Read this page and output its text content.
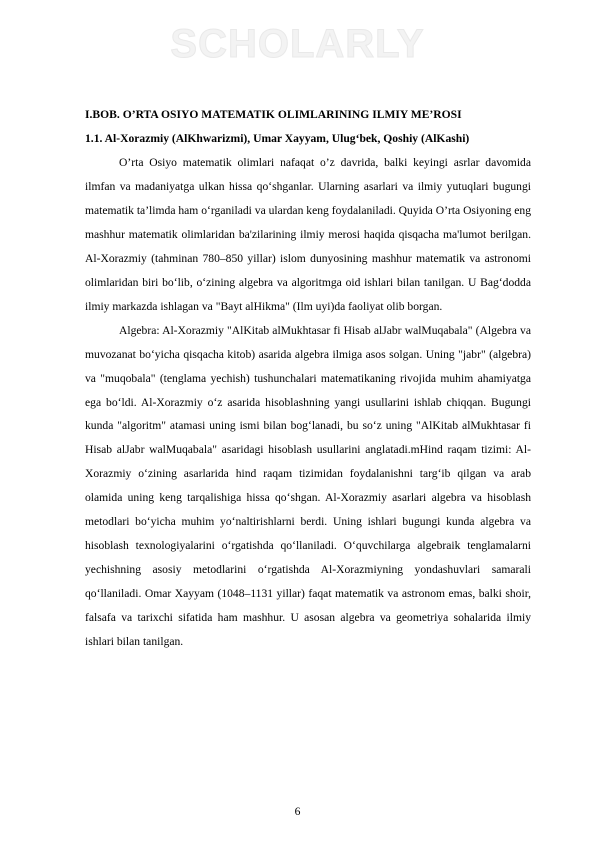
SCHOLARLY
I.BOB. O’RTA OSIYO MATEMATIK OLIMLARINING ILMIY ME’ROSI
1.1. Al-Xorazmiy (AlKhwarizmi), Umar Xayyam, Ulug‘bek, Qoshiy (AlKashi)

O’rta Osiyo matematik olimlari nafaqat o’z davrida, balki keyingi asrlar davomida ilmfan va madaniyatga ulkan hissa qo‘shganlar. Ularning asarlari va ilmiy yutuqlari bugungi matematik ta’limda ham o‘rganiladi va ulardan keng foydalaniladi. Quyida O’rta Osiyoning eng mashhur matematik olimlaridan ba'zilarining ilmiy merosi haqida qisqacha ma'lumot berilgan. Al-Xorazmiy (tahminan 780–850 yillar) islom dunyosining mashhur matematik va astronomi olimlaridan biri bo‘lib, o‘zining algebra va algoritmga oid ishlari bilan tanilgan. U Bag‘dodda ilmiy markazda ishlagan va "Bayt alHikma" (Ilm uyi)da faoliyat olib borgan.

Algebra: Al-Xorazmiy "AlKitab alMukhtasar fi Hisab alJabr walMuqabala" (Algebra va muvozanat bo‘yicha qisqacha kitob) asarida algebra ilmiga asos solgan. Uning "jabr" (algebra) va "muqobala" (tenglama yechish) tushunchalari matematikaning rivojida muhim ahamiyatga ega bo‘ldi. Al-Xorazmiy o‘z asarida hisoblashning yangi usullarini ishlab chiqqan. Bugungi kunda "algoritm" atamasi uning ismi bilan bog‘lanadi, bu so‘z uning "AlKitab alMukhtasar fi Hisab alJabr walMuqabala" asaridagi hisoblash usullarini anglatadi.mHind raqam tizimi: Al-Xorazmiy o‘zining asarlarida hind raqam tizimidan foydalanishni targ‘ib qilgan va arab olamida uning keng tarqalishiga hissa qo‘shgan. Al-Xorazmiy asarlari algebra va hisoblash metodlari bo‘yicha muhim yo‘naltirishlarni berdi. Uning ishlari bugungi kunda algebra va hisoblash texnologiyalarini o‘rgatishda qo‘llaniladi. O‘quvchilarga algebraik tenglamalarni yechishning asosiy metodlarini o‘rgatishda Al-Xorazmiyning yondashuvlari samarali qo‘llaniladi. Omar Xayyam (1048–1131 yillar) faqat matematik va astronom emas, balki shoir, falsafa va tarixchi sifatida ham mashhur. U asosan algebra va geometriya sohalarida ilmiy ishlari bilan tanilgan.

6
